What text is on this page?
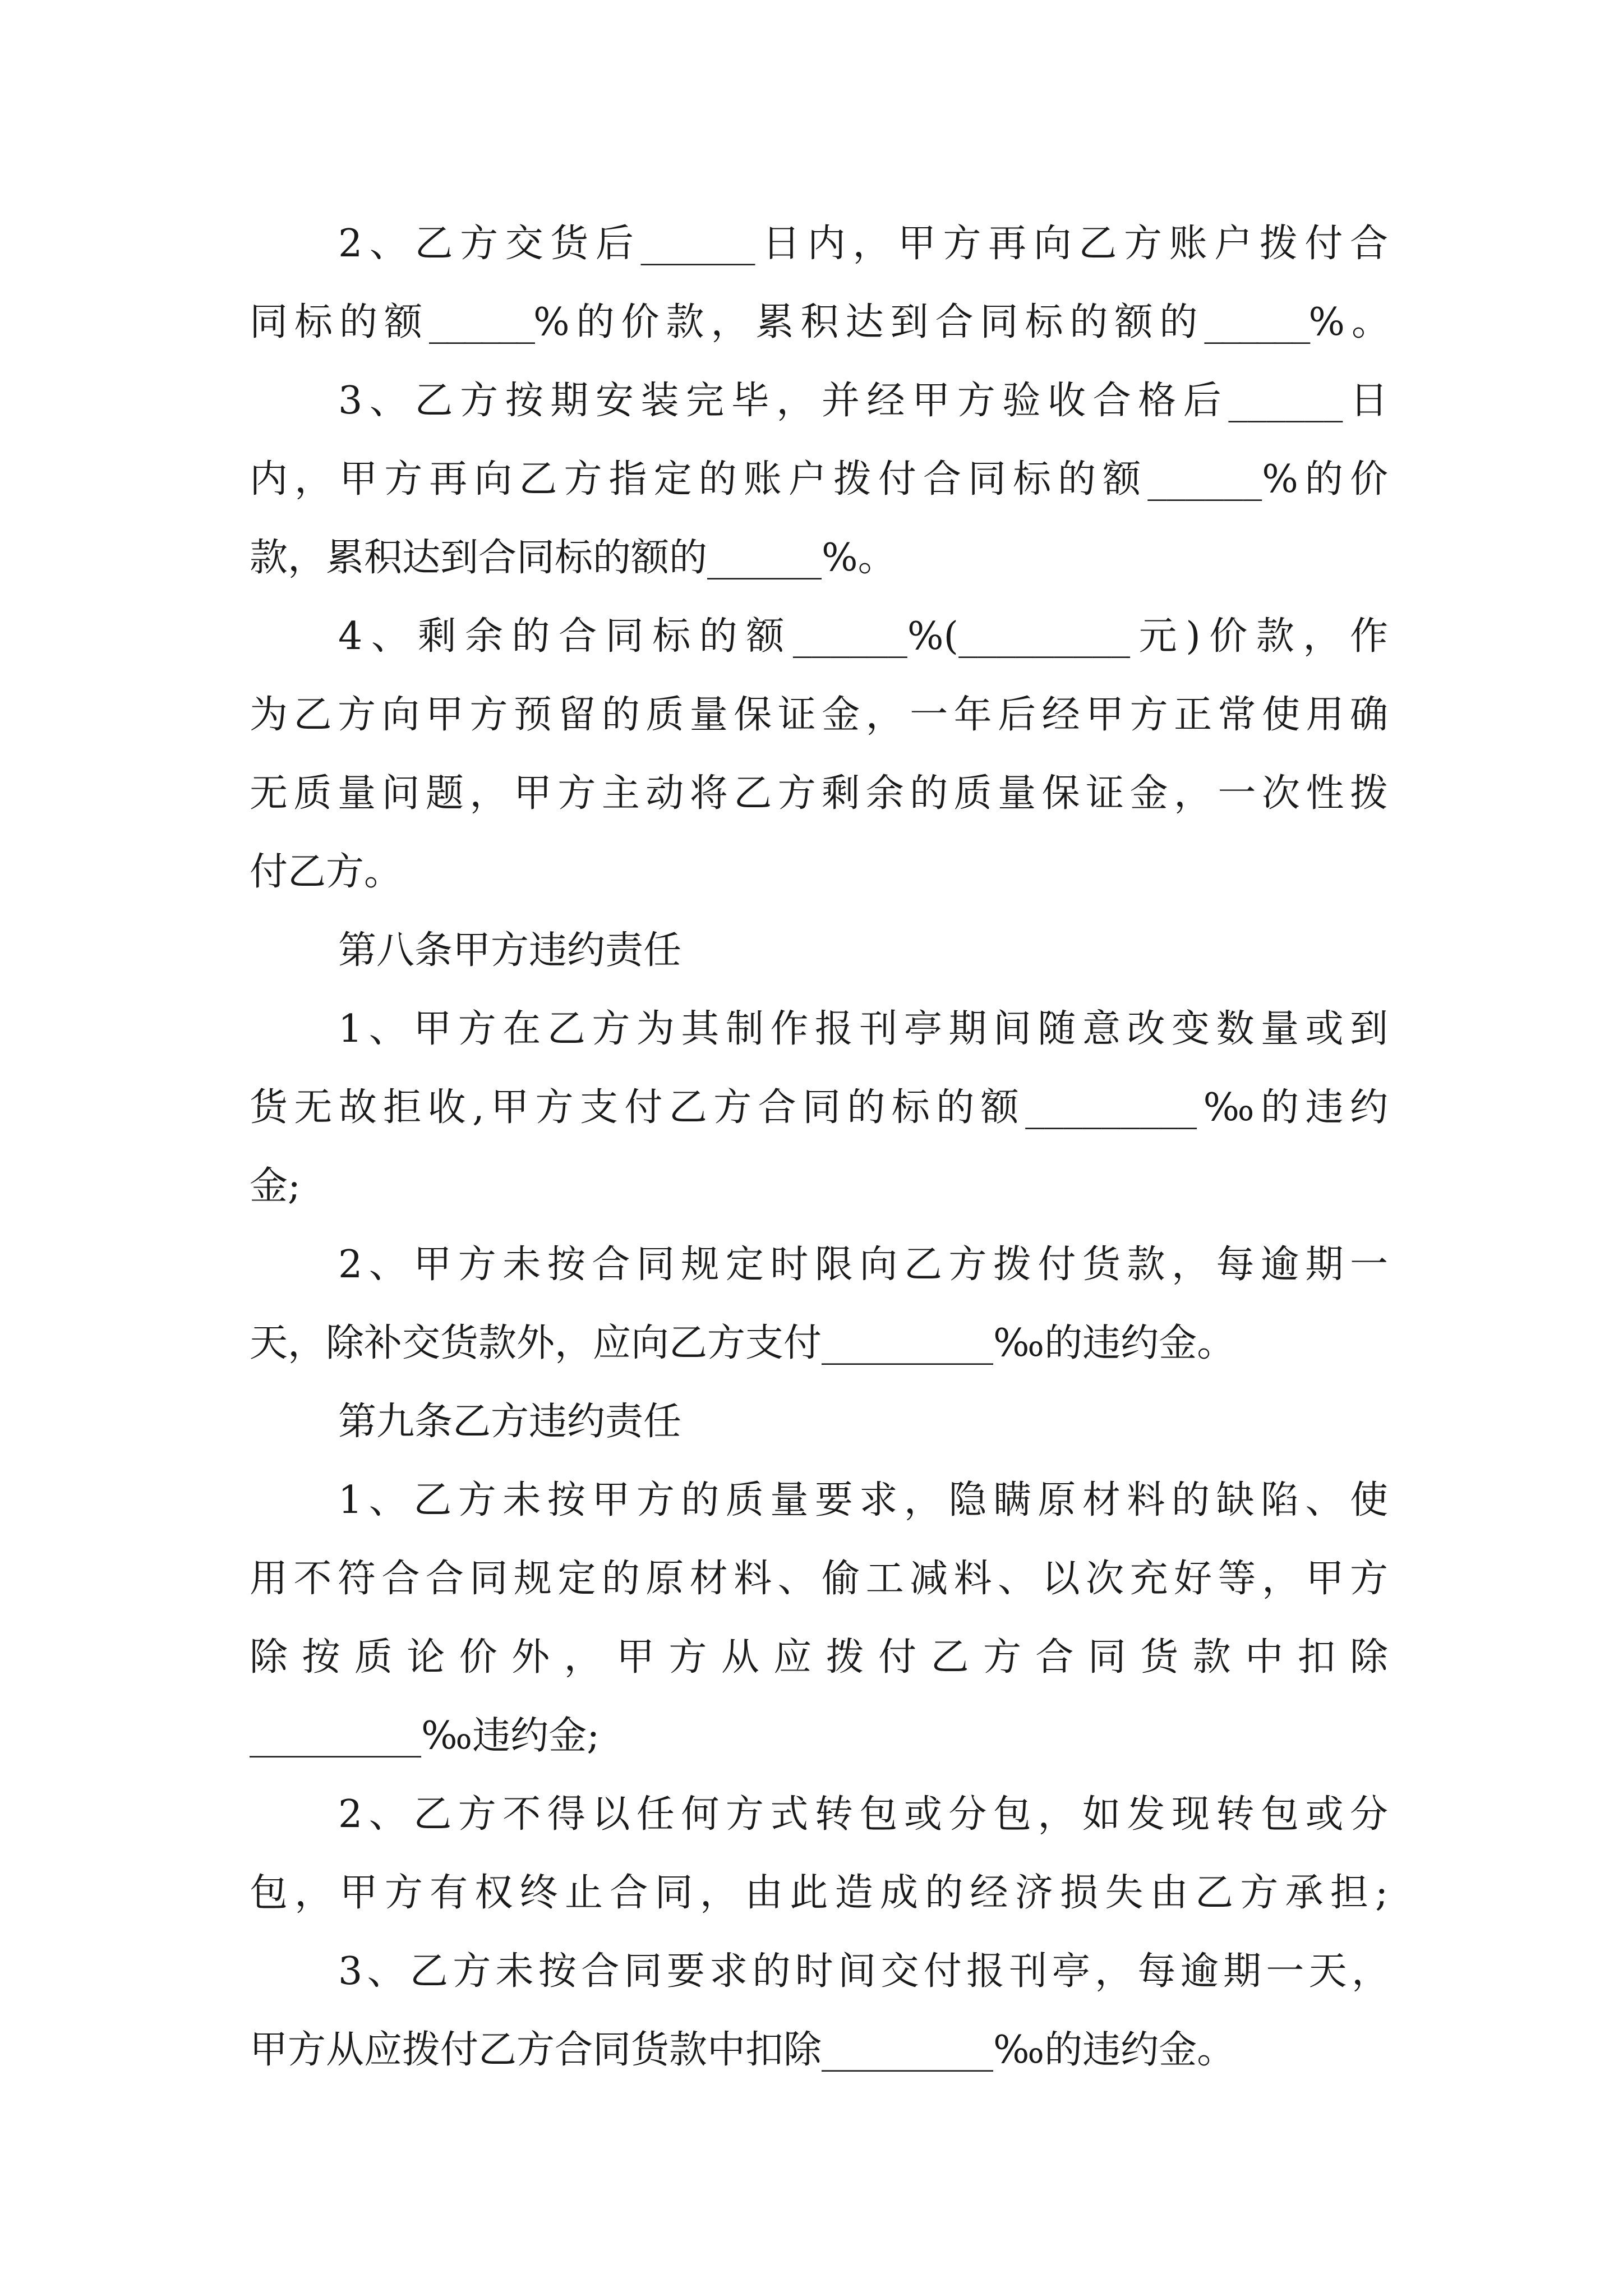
2、乙方交货后______日内，甲方再向乙方账户拨付合

同标的额______%的价款，累积达到合同标的额的______%。

3、乙方按期安装完毕，并经甲方验收合格后______日

内，甲方再向乙方指定的账户拨付合同标的额______%的价

款，累积达到合同标的额的______%。

4、剩余的合同标的额______%(_________元)价款，作

为乙方向甲方预留的质量保证金，一年后经甲方正常使用确

无质量问题，甲方主动将乙方剩余的质量保证金，一次性拨

付乙方。

第八条甲方违约责任

1、甲方在乙方为其制作报刊亭期间随意改变数量或到

货无故拒收,甲方支付乙方合同的标的额_________‰的违约

金;

2、甲方未按合同规定时限向乙方拨付货款，每逾期一

天，除补交货款外，应向乙方支付_________‰的违约金。

第九条乙方违约责任

1、乙方未按甲方的质量要求，隐瞒原材料的缺陷、使

用不符合合同规定的原材料、偷工减料、以次充好等，甲方

除按质论价外，甲方从应拨付乙方合同货款中扣除

_________‰违约金;

2、乙方不得以任何方式转包或分包，如发现转包或分

包，甲方有权终止合同，由此造成的经济损失由乙方承担;

3、乙方未按合同要求的时间交付报刊亭，每逾期一天，

甲方从应拨付乙方合同货款中扣除_________‰的违约金。
